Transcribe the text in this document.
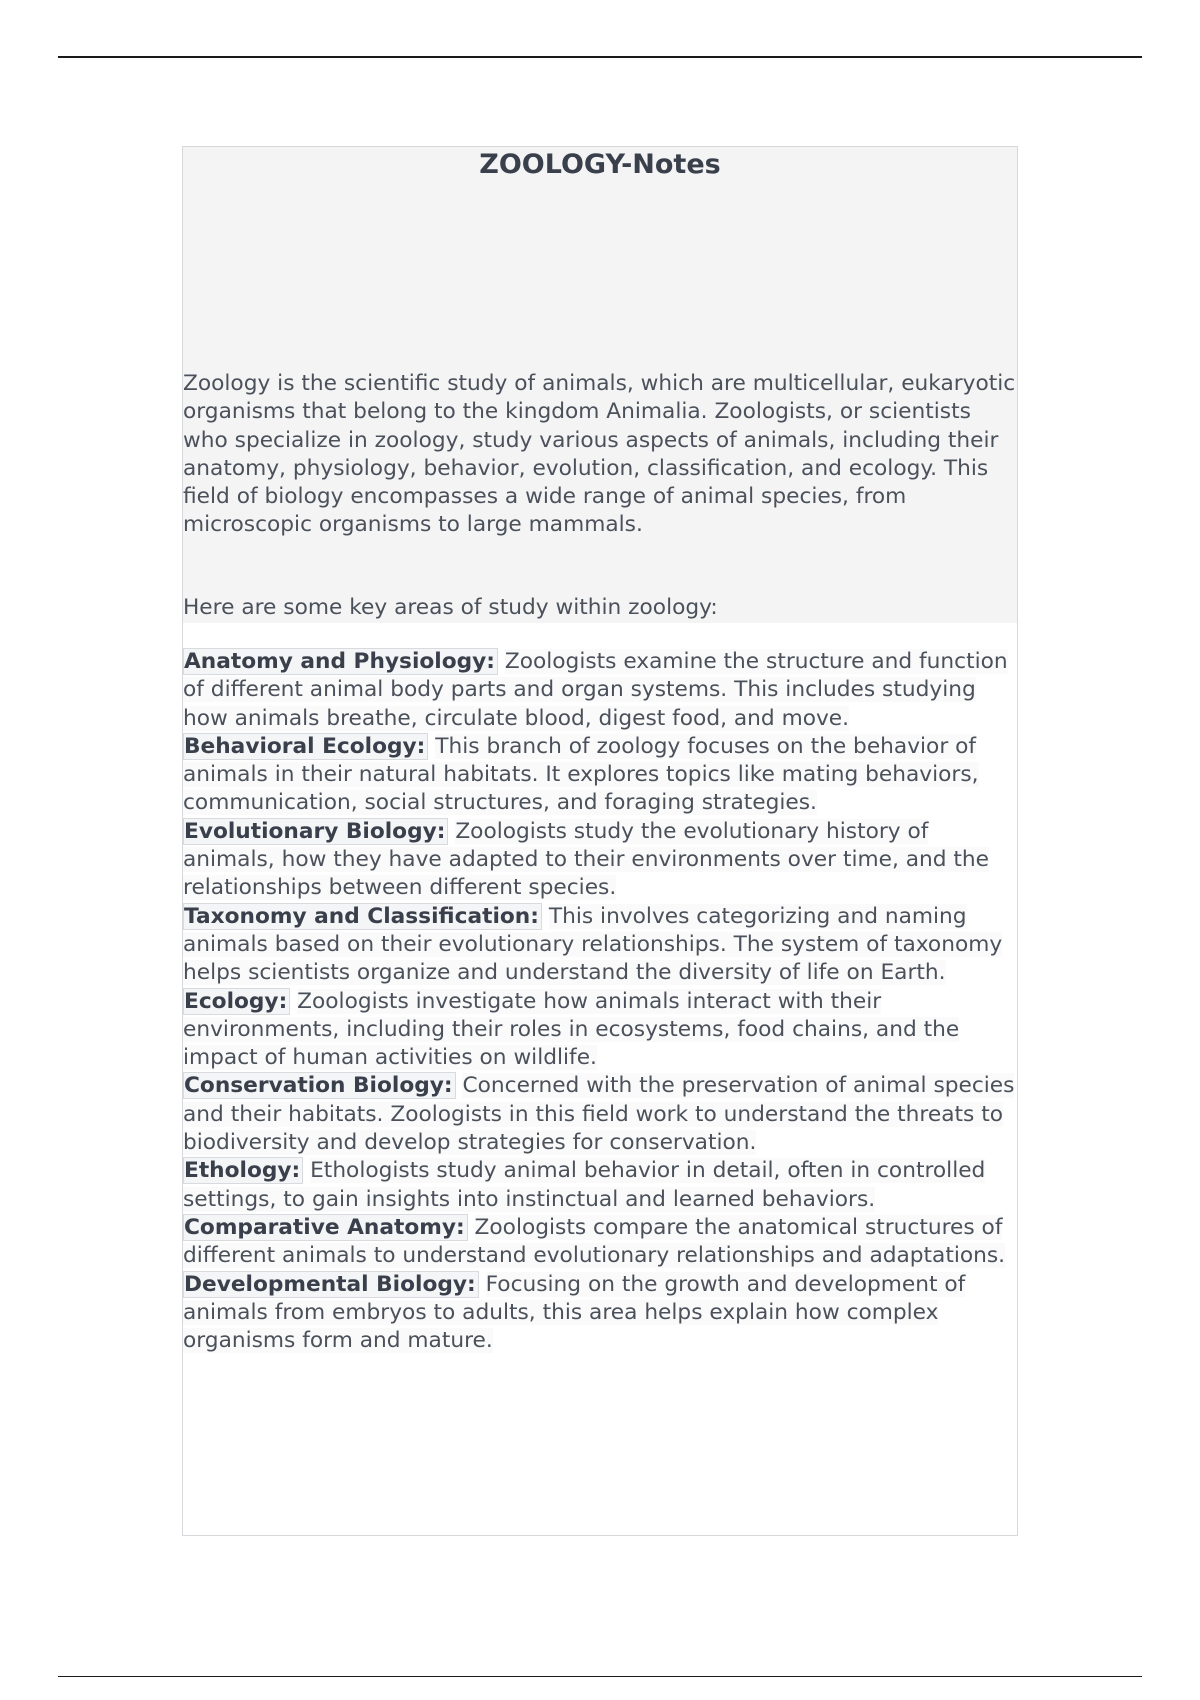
ZOOLOGY-Notes

Zoology is the scientific study of animals, which are multicellular, eukaryotic organisms that belong to the kingdom Animalia. Zoologists, or scientists who specialize in zoology, study various aspects of animals, including their anatomy, physiology, behavior, evolution, classification, and ecology. This field of biology encompasses a wide range of animal species, from microscopic organisms to large mammals.

Here are some key areas of study within zoology:

Anatomy and Physiology: Zoologists examine the structure and function of different animal body parts and organ systems. This includes studying how animals breathe, circulate blood, digest food, and move.
Behavioral Ecology: This branch of zoology focuses on the behavior of animals in their natural habitats. It explores topics like mating behaviors, communication, social structures, and foraging strategies.
Evolutionary Biology: Zoologists study the evolutionary history of animals, how they have adapted to their environments over time, and the relationships between different species.
Taxonomy and Classification: This involves categorizing and naming animals based on their evolutionary relationships. The system of taxonomy helps scientists organize and understand the diversity of life on Earth.
Ecology: Zoologists investigate how animals interact with their environments, including their roles in ecosystems, food chains, and the impact of human activities on wildlife.
Conservation Biology: Concerned with the preservation of animal species and their habitats. Zoologists in this field work to understand the threats to biodiversity and develop strategies for conservation.
Ethology: Ethologists study animal behavior in detail, often in controlled settings, to gain insights into instinctual and learned behaviors.
Comparative Anatomy: Zoologists compare the anatomical structures of different animals to understand evolutionary relationships and adaptations.
Developmental Biology: Focusing on the growth and development of animals from embryos to adults, this area helps explain how complex organisms form and mature.
